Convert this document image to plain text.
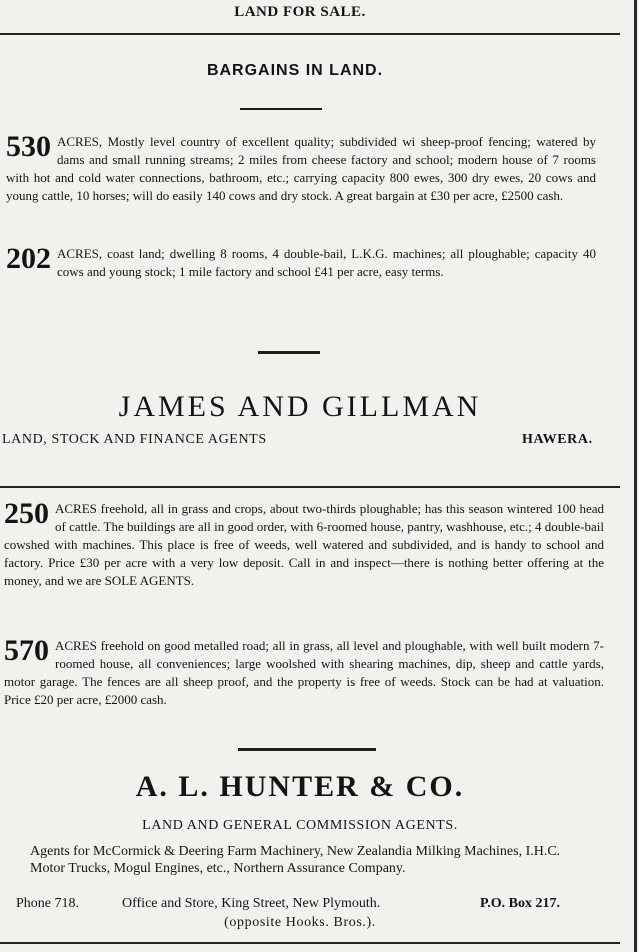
LAND FOR SALE.
BARGAINS IN LAND.
530 ACRES, Mostly level country of excellent quality; subdivided wi sheep-proof fencing; watered by dams and small running streams; 2 miles from cheese factory and school; modern house of 7 rooms with hot and cold water connections, bathroom, etc.; carrying capacity 800 ewes, 300 dry ewes, 20 cows and young cattle, 10 horses; will do easily 140 cows and dry stock. A great bargain at £30 per acre, £2500 cash.
202 ACRES, coast land; dwelling 8 rooms, 4 double-bail, L.K.G. machines; all ploughable; capacity 40 cows and young stock; 1 mile factory and school £41 per acre, easy terms.
JAMES AND GILLMAN
LAND, STOCK AND FINANCE AGENTS	HAWERA.
250 ACRES freehold, all in grass and crops, about two-thirds ploughable; has this season wintered 100 head of cattle. The buildings are all in good order, with 6-roomed house, pantry, washhouse, etc.; 4 double-bail cowshed with machines. This place is free of weeds, well watered and subdivided, and is handy to school and factory. Price £30 per acre with a very low deposit. Call in and inspect—there is nothing better offering at the money, and we are SOLE AGENTS.
570 ACRES freehold on good metalled road; all in grass, all level and ploughable, with well built modern 7-roomed house, all conveniences; large woolshed with shearing machines, dip, sheep and cattle yards, motor garage. The fences are all sheep proof, and the property is free of weeds. Stock can be had at valuation. Price £20 per acre, £2000 cash.
A. L. HUNTER & CO.
LAND AND GENERAL COMMISSION AGENTS.
Agents for McCormick & Deering Farm Machinery, New Zealandia Milking Machines, I.H.C. Motor Trucks, Mogul Engines, etc., Northern Assurance Company.
Phone 718.	Office and Store, King Street, New Plymouth.	P.O. Box 217.
(opposite Hooks. Bros.).
